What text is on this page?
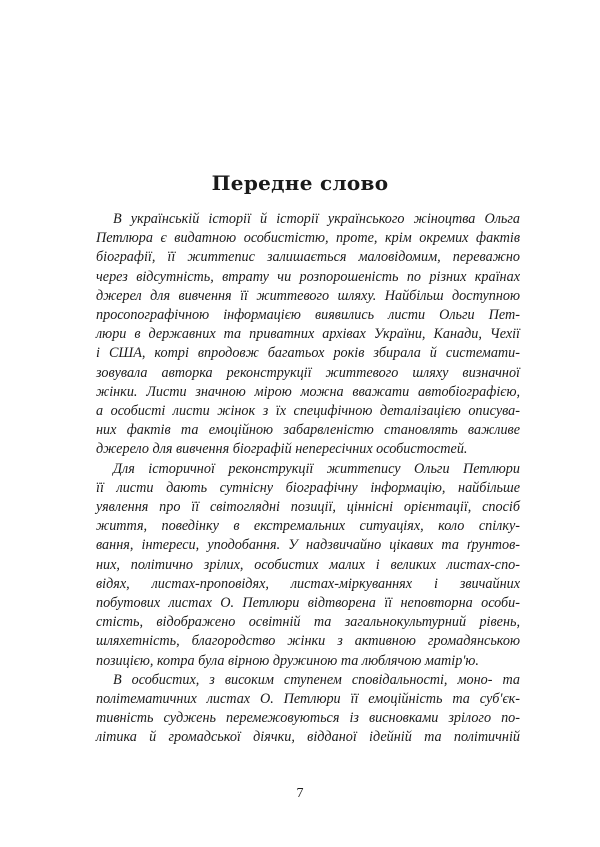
Передне слово
В українській історії й історії українського жіноцтва Ольга
Петлюра є видатною особистістю, проте, крім окремих фактів
біографії, її життепис залишається маловідомим, переважно
через відсутність, втрату чи розпорошеність по різних країнах
джерел для вивчення її життевого шляху. Найбільш доступною
просопографічною інформацією виявились листи Ольги Пет-
люри в державних та приватних архівах України, Канади, Чехії
і США, котрі впродовж багатьох років збирала й системати-
зовувала авторка реконструкції життевого шляху визначної
жінки. Листи значною мірою можна вважати автобіографією,
а особисті листи жінок з їх специфічною деталізацією описува-
них фактів та емоційною забарвленістю становлять важливе
джерело для вивчення біографій непересічних особистостей.
Для історичної реконструкції життепису Ольги Петлюри
її листи дають сутнісну біографічну інформацію, найбільше
уявлення про її світоглядні позиції, ціннісні орієнтації, спосіб
життя, поведінку в екстремальних ситуаціях, коло спілку-
вання, інтереси, уподобання. У надзвичайно цікавих та ґрунтов-
них, політично зрілих, особистих малих і великих листах-спо-
відях, листах-проповідях, листах-міркуваннях і звичайних
побутових листах О. Петлюри відтворена її неповторна особи-
стість, відображено освітній та загальнокультурний рівень,
шляхетність, благородство жінки з активною громадянською
позицією, котра була вірною дружиною та люблячою матір'ю.
В особистих, з високим ступенем сповідальності, моно- та
політематичних листах О. Петлюри її емоційність та суб'єк-
тивність суджень перемежовуються із висновками зрілого по-
літика й громадської діячки, відданої ідейній та політичній
7
